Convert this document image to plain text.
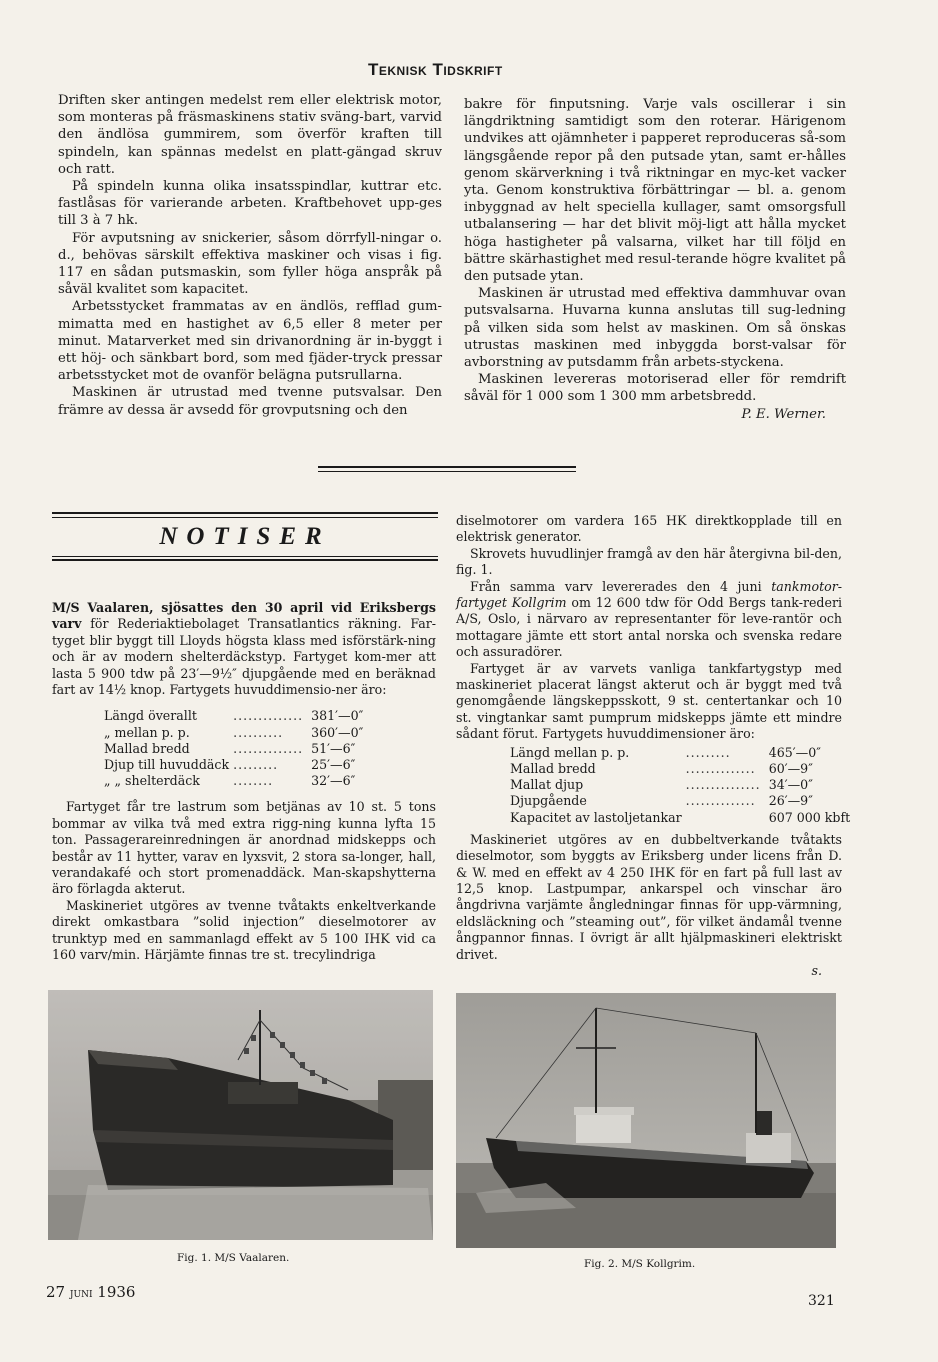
Teknisk Tidskrift

Driften sker antingen medelst rem eller elektrisk motor, som monteras på fräsmaskinens stativ sväng-bart, varvid den ändlösa gummirem, som överför kraften till spindeln, kan spännas medelst en platt-gängad skruv och ratt.

På spindeln kunna olika insatsspindlar, kuttrar etc. fastlåsas för varierande arbeten. Kraftbehovet upp-ges till 3 à 7 hk.

För avputsning av snickerier, såsom dörrfyll-ningar o. d., behövas särskilt effektiva maskiner och visas i fig. 117 en sådan putsmaskin, som fyller höga anspråk på såväl kvalitet som kapacitet.

Arbetsstycket frammatas av en ändlös, refflad gum-mimatta med en hastighet av 6,5 eller 8 meter per minut. Matarverket med sin drivanordning är in-byggt i ett höj- och sänkbart bord, som med fjäder-tryck pressar arbetsstycket mot de ovanför belägna putsrullarna.

Maskinen är utrustad med tvenne putsvalsar. Den främre av dessa är avsedd för grovputsning och den

bakre för finputsning. Varje vals oscillerar i sin längdriktning samtidigt som den roterar. Härigenom undvikes att ojämnheter i papperet reproduceras så-som längsgående repor på den putsade ytan, samt er-hålles genom skärverkning i två riktningar en myc-ket vacker yta. Genom konstruktiva förbättringar — bl. a. genom inbyggnad av helt speciella kullager, samt omsorgsfull utbalansering — har det blivit möj-ligt att hålla mycket höga hastigheter på valsarna, vilket har till följd en bättre skärhastighet med resul-terande högre kvalitet på den putsade ytan.

Maskinen är utrustad med effektiva dammhuvar ovan putsvalsarna. Huvarna kunna anslutas till sug-ledning på vilken sida som helst av maskinen. Om så önskas utrustas maskinen med inbyggda borst-valsar för avborstning av putsdamm från arbets-styckena.

Maskinen levereras motoriserad eller för remdrift såväl för 1 000 som 1 300 mm arbetsbredd.

P. E. Werner.
NOTISER

M/S Vaalaren, sjösattes den 30 april vid Eriksbergs varv för Rederiaktiebolaget Transatlantics räkning. Far-tyget blir byggt till Lloyds högsta klass med isförstärk-ning och är av modern shelterdäckstyp. Fartyget kom-mer att lasta 5 900 tdw på 23′—9½″ djupgående med en beräknad fart av 14½ knop. Fartygets huvuddimensio-ner äro:

Längd överallt	..............	381′—0″
„ mellan p. p.	..........	360′—0″
Mallad bredd	..............	51′—6″
Djup till huvuddäck	.........	25′—6″
„ „ shelterdäck	........	32′—6″

Fartyget får tre lastrum som betjänas av 10 st. 5 tons bommar av vilka två med extra rigg-ning kunna lyfta 15 ton. Passagerareinredningen är anordnad midskepps och består av 11 hytter, varav en lyxsvit, 2 stora sa-longer, hall, verandakafé och stort promenaddäck. Man-skapshytterna äro förlagda akterut.

Maskineriet utgöres av tvenne tvåtakts enkeltverkande direkt omkastbara ”solid injection” dieselmotorer av trunktyp med en sammanlagd effekt av 5 100 IHK vid ca 160 varv/min. Härjämte finnas tre st. trecylindriga

diselmotorer om vardera 165 HK direktkopplade till en elektrisk generator.

Skrovets huvudlinjer framgå av den här återgivna bil-den, fig. 1.

Från samma varv levererades den 4 juni tankmotor-fartyget Kollgrim om 12 600 tdw för Odd Bergs tank-rederi A/S, Oslo, i närvaro av representanter för leve-rantör och mottagare jämte ett stort antal norska och svenska redare och assuradörer.

Fartyget är av varvets vanliga tankfartygstyp med maskineriet placerat längst akterut och är byggt med två genomgående längskeppsskott, 9 st. centertankar och 10 st. vingtankar samt pumprum midskepps jämte ett mindre sådant förut. Fartygets huvuddimensioner äro:

Längd mellan p. p.	.........	465′—0″
Mallad bredd	..............	60′—9″
Mallat djup	...............	34′—0″
Djupgående	..............	26′—9″
Kapacitet av lastoljetankar		607 000 kbft

Maskineriet utgöres av en dubbeltverkande tvåtakts dieselmotor, som byggts av Eriksberg under licens från D. & W. med en effekt av 4 250 IHK för en fart på full last av 12,5 knop. Lastpumpar, ankarspel och vinschar äro ångdrivna varjämte ångledningar finnas för upp-värmning, eldsläckning och ”steaming out”, för vilket ändamål tvenne ångpannor finnas. I övrigt är allt hjälpmaskineri elektriskt drivet.

s.
Fig. 1. M/S Vaalaren.	Fig. 2. M/S Kollgrim.
27 juni 1936	321
